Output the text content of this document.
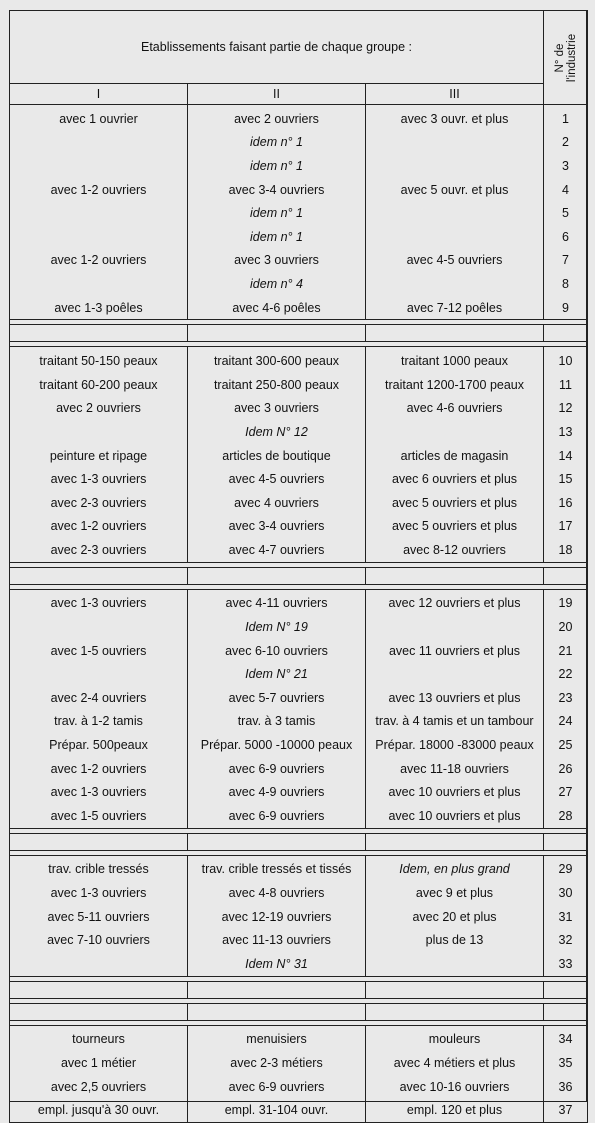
Etablissements faisant partie de chaque groupe :			N° de l'industrie

I	II	III	
avec 1 ouvrier	avec 2 ouvriers	avec 3 ouvr. et plus	1
	idem n° 1		2
	idem n° 1		3
avec 1-2 ouvriers	avec 3-4 ouvriers	avec 5 ouvr. et plus	4
	idem n° 1		5
	idem n° 1		6
avec 1-2 ouvriers	avec 3 ouvriers	avec 4-5 ouvriers	7
	idem n° 4		8
avec 1-3 poêles	avec 4-6 poêles	avec 7-12 poêles	9

traitant 50-150 peaux	traitant 300-600 peaux	traitant 1000 peaux	10
traitant 60-200 peaux	traitant 250-800 peaux	traitant 1200-1700 peaux	11
avec 2 ouvriers	avec 3 ouvriers	avec 4-6 ouvriers	12
	Idem N° 12		13
peinture et ripage	articles de boutique	articles de magasin	14
avec 1-3 ouvriers	avec 4-5 ouvriers	avec 6 ouvriers et plus	15
avec 2-3 ouvriers	avec 4 ouvriers	avec 5 ouvriers et plus	16
avec 1-2 ouvriers	avec 3-4 ouvriers	avec 5 ouvriers et plus	17
avec 2-3 ouvriers	avec 4-7 ouvriers	avec 8-12 ouvriers	18

avec 1-3 ouvriers	avec 4-11 ouvriers	avec 12 ouvriers et plus	19
	Idem N° 19		20
avec 1-5 ouvriers	avec 6-10 ouvriers	avec 11 ouvriers et plus	21
	Idem N° 21		22
avec 2-4 ouvriers	avec 5-7 ouvriers	avec 13 ouvriers et plus	23
trav. à 1-2 tamis	trav. à 3 tamis	trav. à 4 tamis et un tambour	24
Prépar. 500peaux	Prépar. 5000 -10000 peaux	Prépar. 18000 -83000 peaux	25
avec 1-2 ouvriers	avec 6-9 ouvriers	avec 11-18 ouvriers	26
avec 1-3 ouvriers	avec 4-9 ouvriers	avec 10 ouvriers et plus	27
avec 1-5 ouvriers	avec 6-9 ouvriers	avec 10 ouvriers et plus	28

trav. crible tressés	trav. crible tressés et tissés	Idem, en plus grand	29
avec 1-3 ouvriers	avec 4-8 ouvriers	avec 9 et plus	30
avec 5-11 ouvriers	avec 12-19 ouvriers	avec 20 et plus	31
avec 7-10 ouvriers	avec 11-13 ouvriers	plus de 13	32
	Idem N° 31		33

tourneurs	menuisiers	mouleurs	34
avec 1 métier	avec 2-3 métiers	avec 4 métiers et plus	35
avec 2,5 ouvriers	avec 6-9 ouvriers	avec 10-16 ouvriers	36
empl. jusqu'à 30 ouvr.	empl. 31-104 ouvr.	empl. 120 et plus	37
